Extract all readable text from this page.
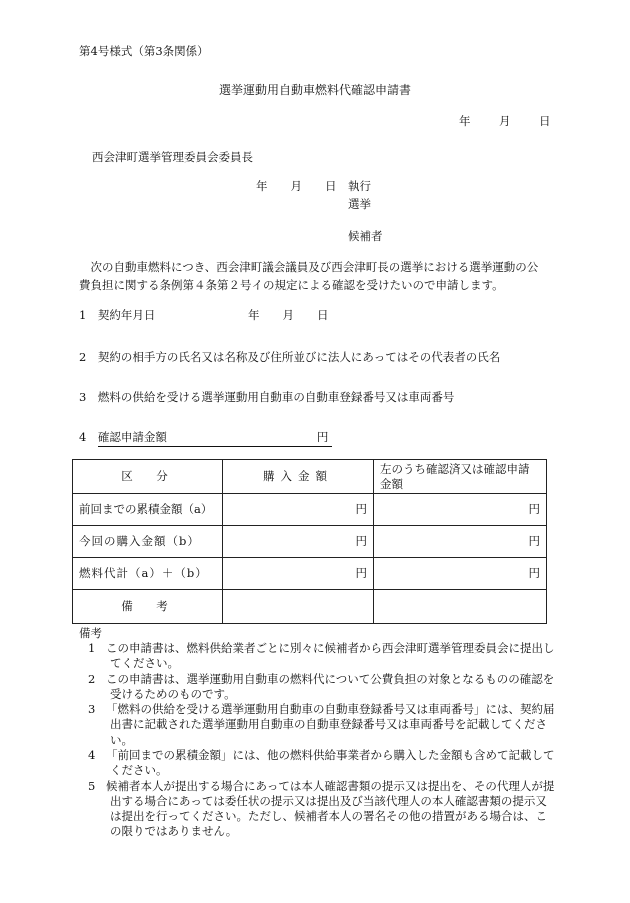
第4号様式（第3条関係）
選挙運動用自動車燃料代確認申請書
年 月 日
西会津町選挙管理委員会委員長
年　　月　　日 執行
選挙
候補者
次の自動車燃料につき、西会津町議会議員及び西会津町長の選挙における選挙運動の公費負担に関する条例第４条第２号イの規定による確認を受けたいので申請します。
1　契約年月日	年　　月　　日
2　契約の相手方の氏名又は名称及び住所並びに法人にあってはその代表者の氏名
3　燃料の供給を受ける選挙運動用自動車の自動車登録番号又は車両番号
4　 確認申請金額	円
区　分	購入金額	左のうち確認済又は確認申請金額
前回までの累積金額（a）	円	円
今回の購入金額（b）	円	円
燃料代計（a）＋（b）	円	円
備　考		
備考
1 この申請書は、燃料供給業者ごとに別々に候補者から西会津町選挙管理委員会に提出してください。
2 この申請書は、選挙運動用自動車の燃料代について公費負担の対象となるものの確認を受けるためのものです。
3 「燃料の供給を受ける選挙運動用自動車の自動車登録番号又は車両番号」には、契約届出書に記載された選挙運動用自動車の自動車登録番号又は車両番号を記載してください。
4 「前回までの累積金額」には、他の燃料供給事業者から購入した金額も含めて記載してください。
5 候補者本人が提出する場合にあっては本人確認書類の提示又は提出を、その代理人が提出する場合にあっては委任状の提示又は提出及び当該代理人の本人確認書類の提示又は提出を行ってください。ただし、候補者本人の署名その他の措置がある場合は、この限りではありません。
